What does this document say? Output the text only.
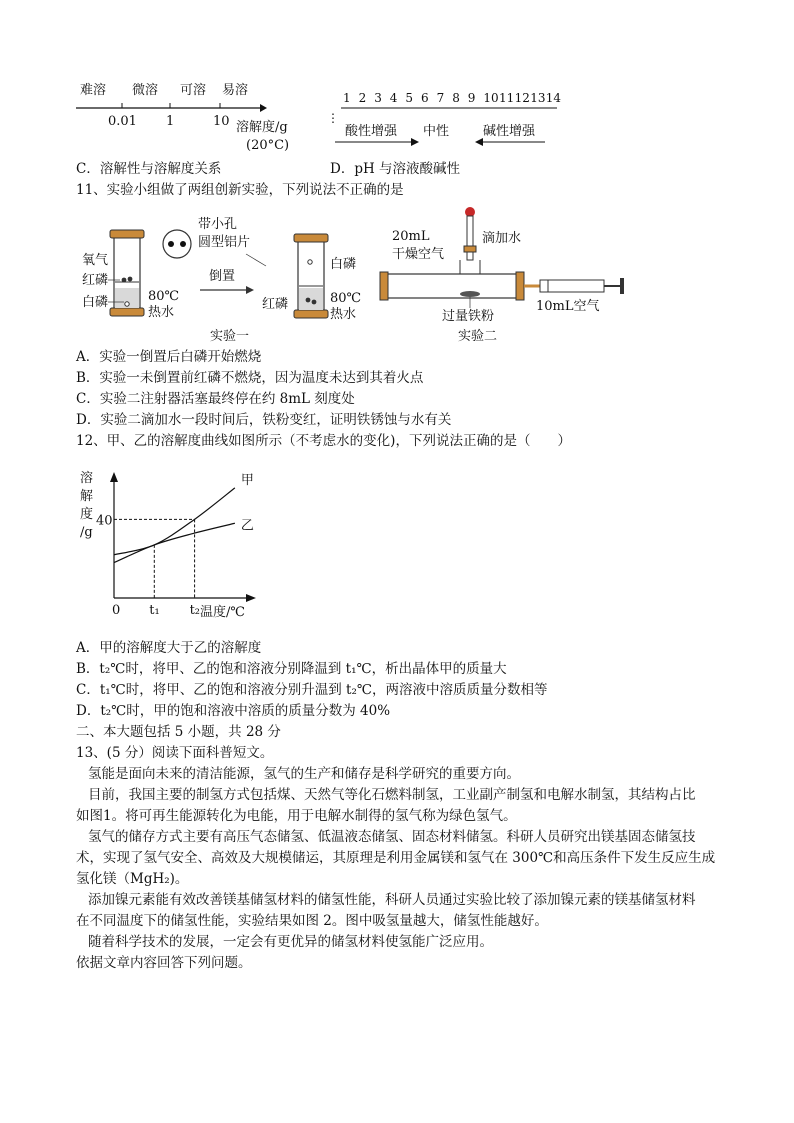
难溶 微溶 可溶 易溶
0.01 1	10 溶解度/g
(20°C)
1 2 3 4 5 6 7 8 9 10 11 12 13 14
⋮
酸性增强 中性	碱性增强
C．溶解性与溶解度关系	D．pH 与溶液酸碱性
11、实验小组做了两组创新实验，下列说法不正确的是
氧气
红磷
白磷	80℃
热水
带小孔
圆型铝片
倒置
白磷
红磷	80℃
热水
实验一
20mL
干燥空气
滴加水
10mL空气
过量铁粉
实验二
A．实验一倒置后白磷开始燃烧
B．实验一未倒置前红磷不燃烧，因为温度未达到其着火点
C．实验二注射器活塞最终停在约 8mL 刻度处
D．实验二滴加水一段时间后，铁粉变红，证明铁锈蚀与水有关
12、甲、乙的溶解度曲线如图所示（不考虑水的变化)，下列说法正确的是（　　）
溶
解
度
/g
0	温度/℃
t₁ t₂
40
甲
乙
A．甲的溶解度大于乙的溶解度
B．t₂℃时，将甲、乙的饱和溶液分别降温到 t₁℃，析出晶体甲的质量大
C．t₁℃时，将甲、乙的饱和溶液分别升温到 t₂℃，两溶液中溶质质量分数相等
D．t₂℃时，甲的饱和溶液中溶质的质量分数为 40%
二、本大题包括 5 小题，共 28 分
13、(5 分）阅读下面科普短文。
氢能是面向未来的清洁能源，氢气的生产和储存是科学研究的重要方向。
目前，我国主要的制氢方式包括煤、天然气等化石燃料制氢，工业副产制氢和电解水制氢，其结构占比
如图1。将可再生能源转化为电能，用于电解水制得的氢气称为绿色氢气。
氢气的储存方式主要有高压气态储氢、低温液态储氢、固态材料储氢。科研人员研究出镁基固态储氢技
术，实现了氢气安全、高效及大规模储运，其原理是利用金属镁和氢气在 300℃和高压条件下发生反应生成
氢化镁（MgH₂)。
添加镍元素能有效改善镁基储氢材料的储氢性能，科研人员通过实验比较了添加镍元素的镁基储氢材料
在不同温度下的储氢性能，实验结果如图 2。图中吸氢量越大，储氢性能越好。
随着科学技术的发展，一定会有更优异的储氢材料使氢能广泛应用。
依据文章内容回答下列问题。
